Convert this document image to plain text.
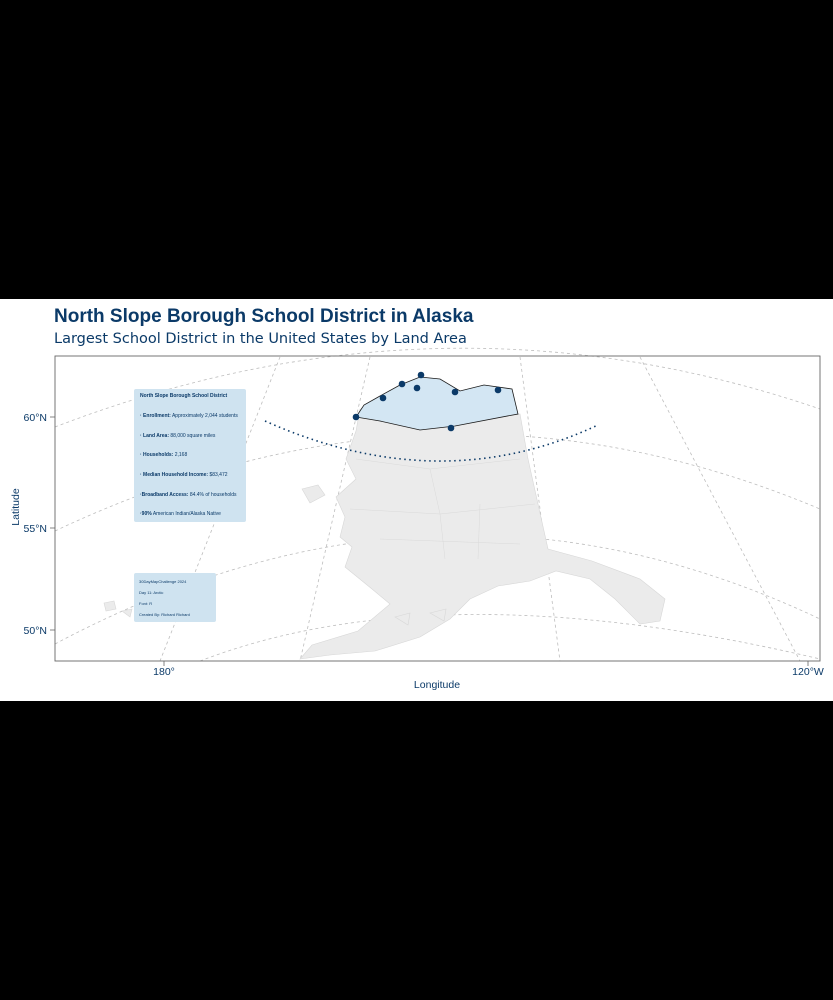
North Slope Borough School District in Alaska
Largest School District in the United States by Land Area
60°N
55°N
50°N
180°	120°W
Longitude
Latitude
North Slope Borough School District
· Enrollment: Approximately 2,044 students
· Land Area: 88,000 square miles
· Households: 2,168
· Median Household Income: $83,472
·Broadband Access: 84.4% of households
·90% American Indian/Alaska Native
30DayMapChallenge 2024
Day 11: Arctic
Font: R
Created By: Richard Richard
